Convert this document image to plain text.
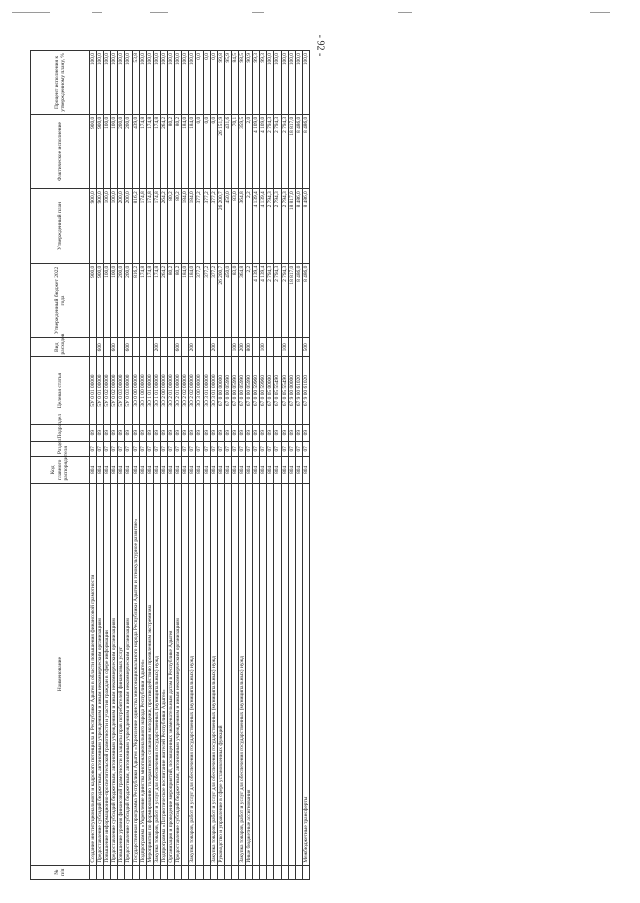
- 92 -
№ п/п	Наименование	Код главного распорядителя	Раздел	Подраздел	Целевая статья	Вид расходов	Утвержденный бюджет 2022 года	Утвержденный план	Фактическое исполнение	Процент исполнения к утвержденному плану, %
	Создание институционального и кадрового потенциала в Республике Адыгея в области повышения финансовой грамотности	804	07	09	5У 0 01 00000		900,0	900,0	900,0	100,0
	Предоставление субсидий бюджетным, автономным учреждениям и иным некоммерческим организациям	804	07	09	5У 0 01 00000	600	900,0	900,0	900,0	100,0
	Повышение информационно-просветительской грамотности и участия граждан в сфере информации	804	07	09	5У 0 02 00000		100,0	100,0	100,0	100,0
	Предоставление субсидий бюджетным, автономным учреждениям и иным некоммерческим организациям	804	07	09	5У 0 02 00000	600	100,0	100,0	100,0	100,0
	Повышение уровня финансовой грамотности и защиты прав потребителей финансовых услуг	804	07	09	5У 0 03 00000		200,0	200,0	200,0	100,0
	Предоставление субсидий бюджетным, автономным учреждениям и иным некоммерческим организациям	804	07	09	5У 0 03 00000	600	200,0	200,0	200,0	100,0
	Государственная программа Республики Адыгея «Укрепление единства многонационального народа Республики Адыгея и этнокультурное развитие»	804	07	09	3О 0 00 00000		816,2	816,2	439,0	53,8
	Подпрограмма «Укрепление единства многонационального народа Республики Адыгея»	804	07	09	3О 1 00 00000		174,8	174,8	174,8	100,0
	Мероприятия по формированию толерантного сознания молодежи, противодействию проявлениям экстремизма	804	07	09	3О 1 01 00000		174,8	174,8	174,8	100,0
	Закупка товаров, работ и услуг для обеспечения государственных (муниципальных) нужд	804	07	09	3О 1 01 00000	200	174,8	174,8	174,8	100,0
	Подпрограмма «Патриотическое воспитание жителей Республики Адыгея»	804	07	09	3О 2 00 00000		264,2	264,2	264,2	100,0
	Организация и проведение мероприятий, посвященных знаменательным датам в Республике Адыгея	804	07	09	3О 2 01 00000		80,2	80,2	80,2	100,0
	Предоставление субсидий бюджетным, автономным учреждениям и иным некоммерческим организациям	804	07	09	3О 2 01 00000	600	80,2	80,2	80,2	100,0
		804	07	09	3О 2 02 00000		184,0	184,0	184,0	100,0
	Закупка товаров, работ и услуг для обеспечения государственных (муниципальных) нужд	804	07	09	3О 2 02 00000	200	184,0	184,0	184,0	100,0
		804	07	09	3О 3 00 00000		377,2	377,2	0,0	0,0
		804	07	09	3О 3 01 00000		377,2	377,2	0,0	0,0
	Закупка товаров, работ и услуг для обеспечения государственных (муниципальных) нужд	804	07	09	3О 3 01 00000	200	377,2	377,2	0,0	0,0
	Руководство и управление в сфере установленных функций	804	07	09	67 0 00 00000		26 200,7	26 200,7	26 151,9	99,8
		804	07	09	67 0 00 05990		450,0	450,0	431,6	95,9
		804	07	09	67 0 00 05990	100	83,0	83,0	70,1	84,5
	Закупка товаров, работ и услуг для обеспечения государственных (муниципальных) нужд	804	07	09	67 0 00 05990	200	364,8	364,8	359,5	98,5
	Иные бюджетные ассигнования	804	07	09	67 0 00 05990	800	2,2	2,2	2,0	90,9
		804	07	09	67 0 00 59960		4 139,4	4 139,4	4 109,0	99,3
		804	07	09	67 0 00 59960	100	4 139,4	4 139,4	4 109,0	99,3
		804	07	09	67 0 05 00000		2 794,3	2 794,3	2 794,3	100,0
		804	07	09	67 0 05 55490		2 794,3	2 794,3	2 794,3	100,0
		804	07	09	67 0 05 55490	100	2 794,3	2 794,3	2 794,3	100,0
		804	07	09	67 9 00 00000		18 817,0	18 817,0	18 817,0	100,0
		804	07	09	67 9 00 61020		8 486,0	8 486,0	8 486,0	100,0
	Межбюджетные трансферты	804	07	09	67 9 00 61020	500	8 486,0	8 486,0	8 486,0	100,0
